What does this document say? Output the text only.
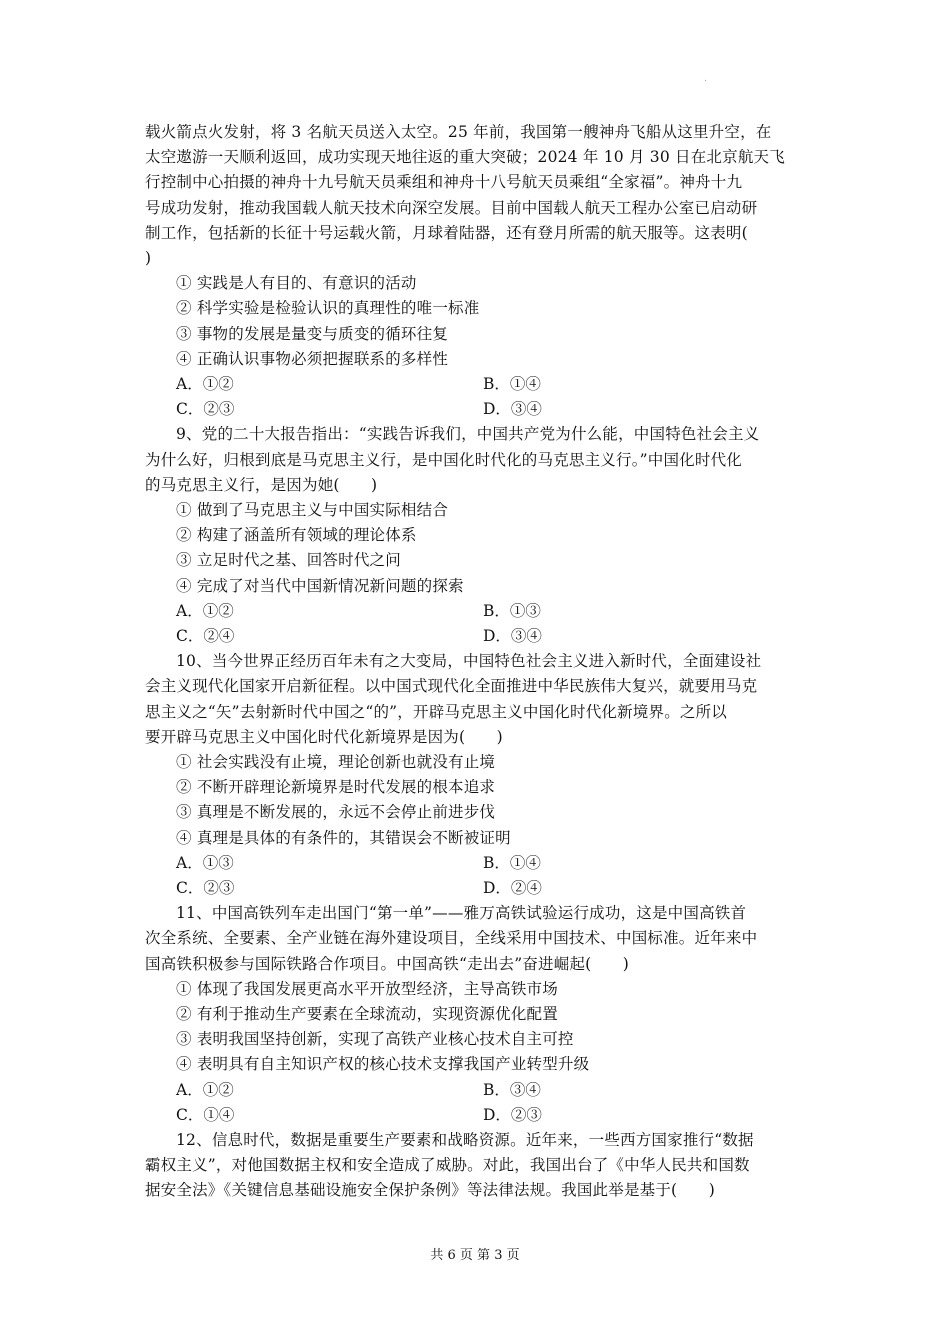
.

载火箭点火发射，将 3 名航天员送入太空。25 年前，我国第一艘神舟飞船从这里升空，在
太空遨游一天顺利返回，成功实现天地往返的重大突破；2024 年 10 月 30 日在北京航天飞
行控制中心拍摄的神舟十九号航天员乘组和神舟十八号航天员乘组“全家福”。神舟十九
号成功发射，推动我国载人航天技术向深空发展。目前中国载人航天工程办公室已启动研
制工作，包括新的长征十号运载火箭，月球着陆器，还有登月所需的航天服等。这表明(
)

① 实践是人有目的、有意识的活动
② 科学实验是检验认识的真理性的唯一标准
③ 事物的发展是量变与质变的循环往复
④ 正确认识事物必须把握联系的多样性
A．①②	B．①④
C．②③	D．③④

9、党的二十大报告指出：“实践告诉我们，中国共产党为什么能，中国特色社会主义
为什么好，归根到底是马克思主义行，是中国化时代化的马克思主义行。”中国化时代化
的马克思主义行，是因为她(　　)

① 做到了马克思主义与中国实际相结合
② 构建了涵盖所有领域的理论体系
③ 立足时代之基、回答时代之问
④ 完成了对当代中国新情况新问题的探索
A．①②	B．①③
C．②④	D．③④

10、当今世界正经历百年未有之大变局，中国特色社会主义进入新时代，全面建设社
会主义现代化国家开启新征程。以中国式现代化全面推进中华民族伟大复兴，就要用马克
思主义之“矢”去射新时代中国之“的”，开辟马克思主义中国化时代化新境界。之所以
要开辟马克思主义中国化时代化新境界是因为(　　)

① 社会实践没有止境，理论创新也就没有止境
② 不断开辟理论新境界是时代发展的根本追求
③ 真理是不断发展的，永远不会停止前进步伐
④ 真理是具体的有条件的，其错误会不断被证明
A．①③	B．①④
C．②③	D．②④

11、中国高铁列车走出国门“第一单”——雅万高铁试验运行成功，这是中国高铁首
次全系统、全要素、全产业链在海外建设项目，全线采用中国技术、中国标准。近年来中
国高铁积极参与国际铁路合作项目。中国高铁“走出去”奋进崛起(　　)

① 体现了我国发展更高水平开放型经济，主导高铁市场
② 有利于推动生产要素在全球流动，实现资源优化配置
③ 表明我国坚持创新，实现了高铁产业核心技术自主可控
④ 表明具有自主知识产权的核心技术支撑我国产业转型升级
A．①②	B．③④
C．①④	D．②③

12、信息时代，数据是重要生产要素和战略资源。近年来，一些西方国家推行“数据
霸权主义”，对他国数据主权和安全造成了威胁。对此，我国出台了《中华人民共和国数
据安全法》《关键信息基础设施安全保护条例》等法律法规。我国此举是基于(　　)

共 6 页 第 3 页
